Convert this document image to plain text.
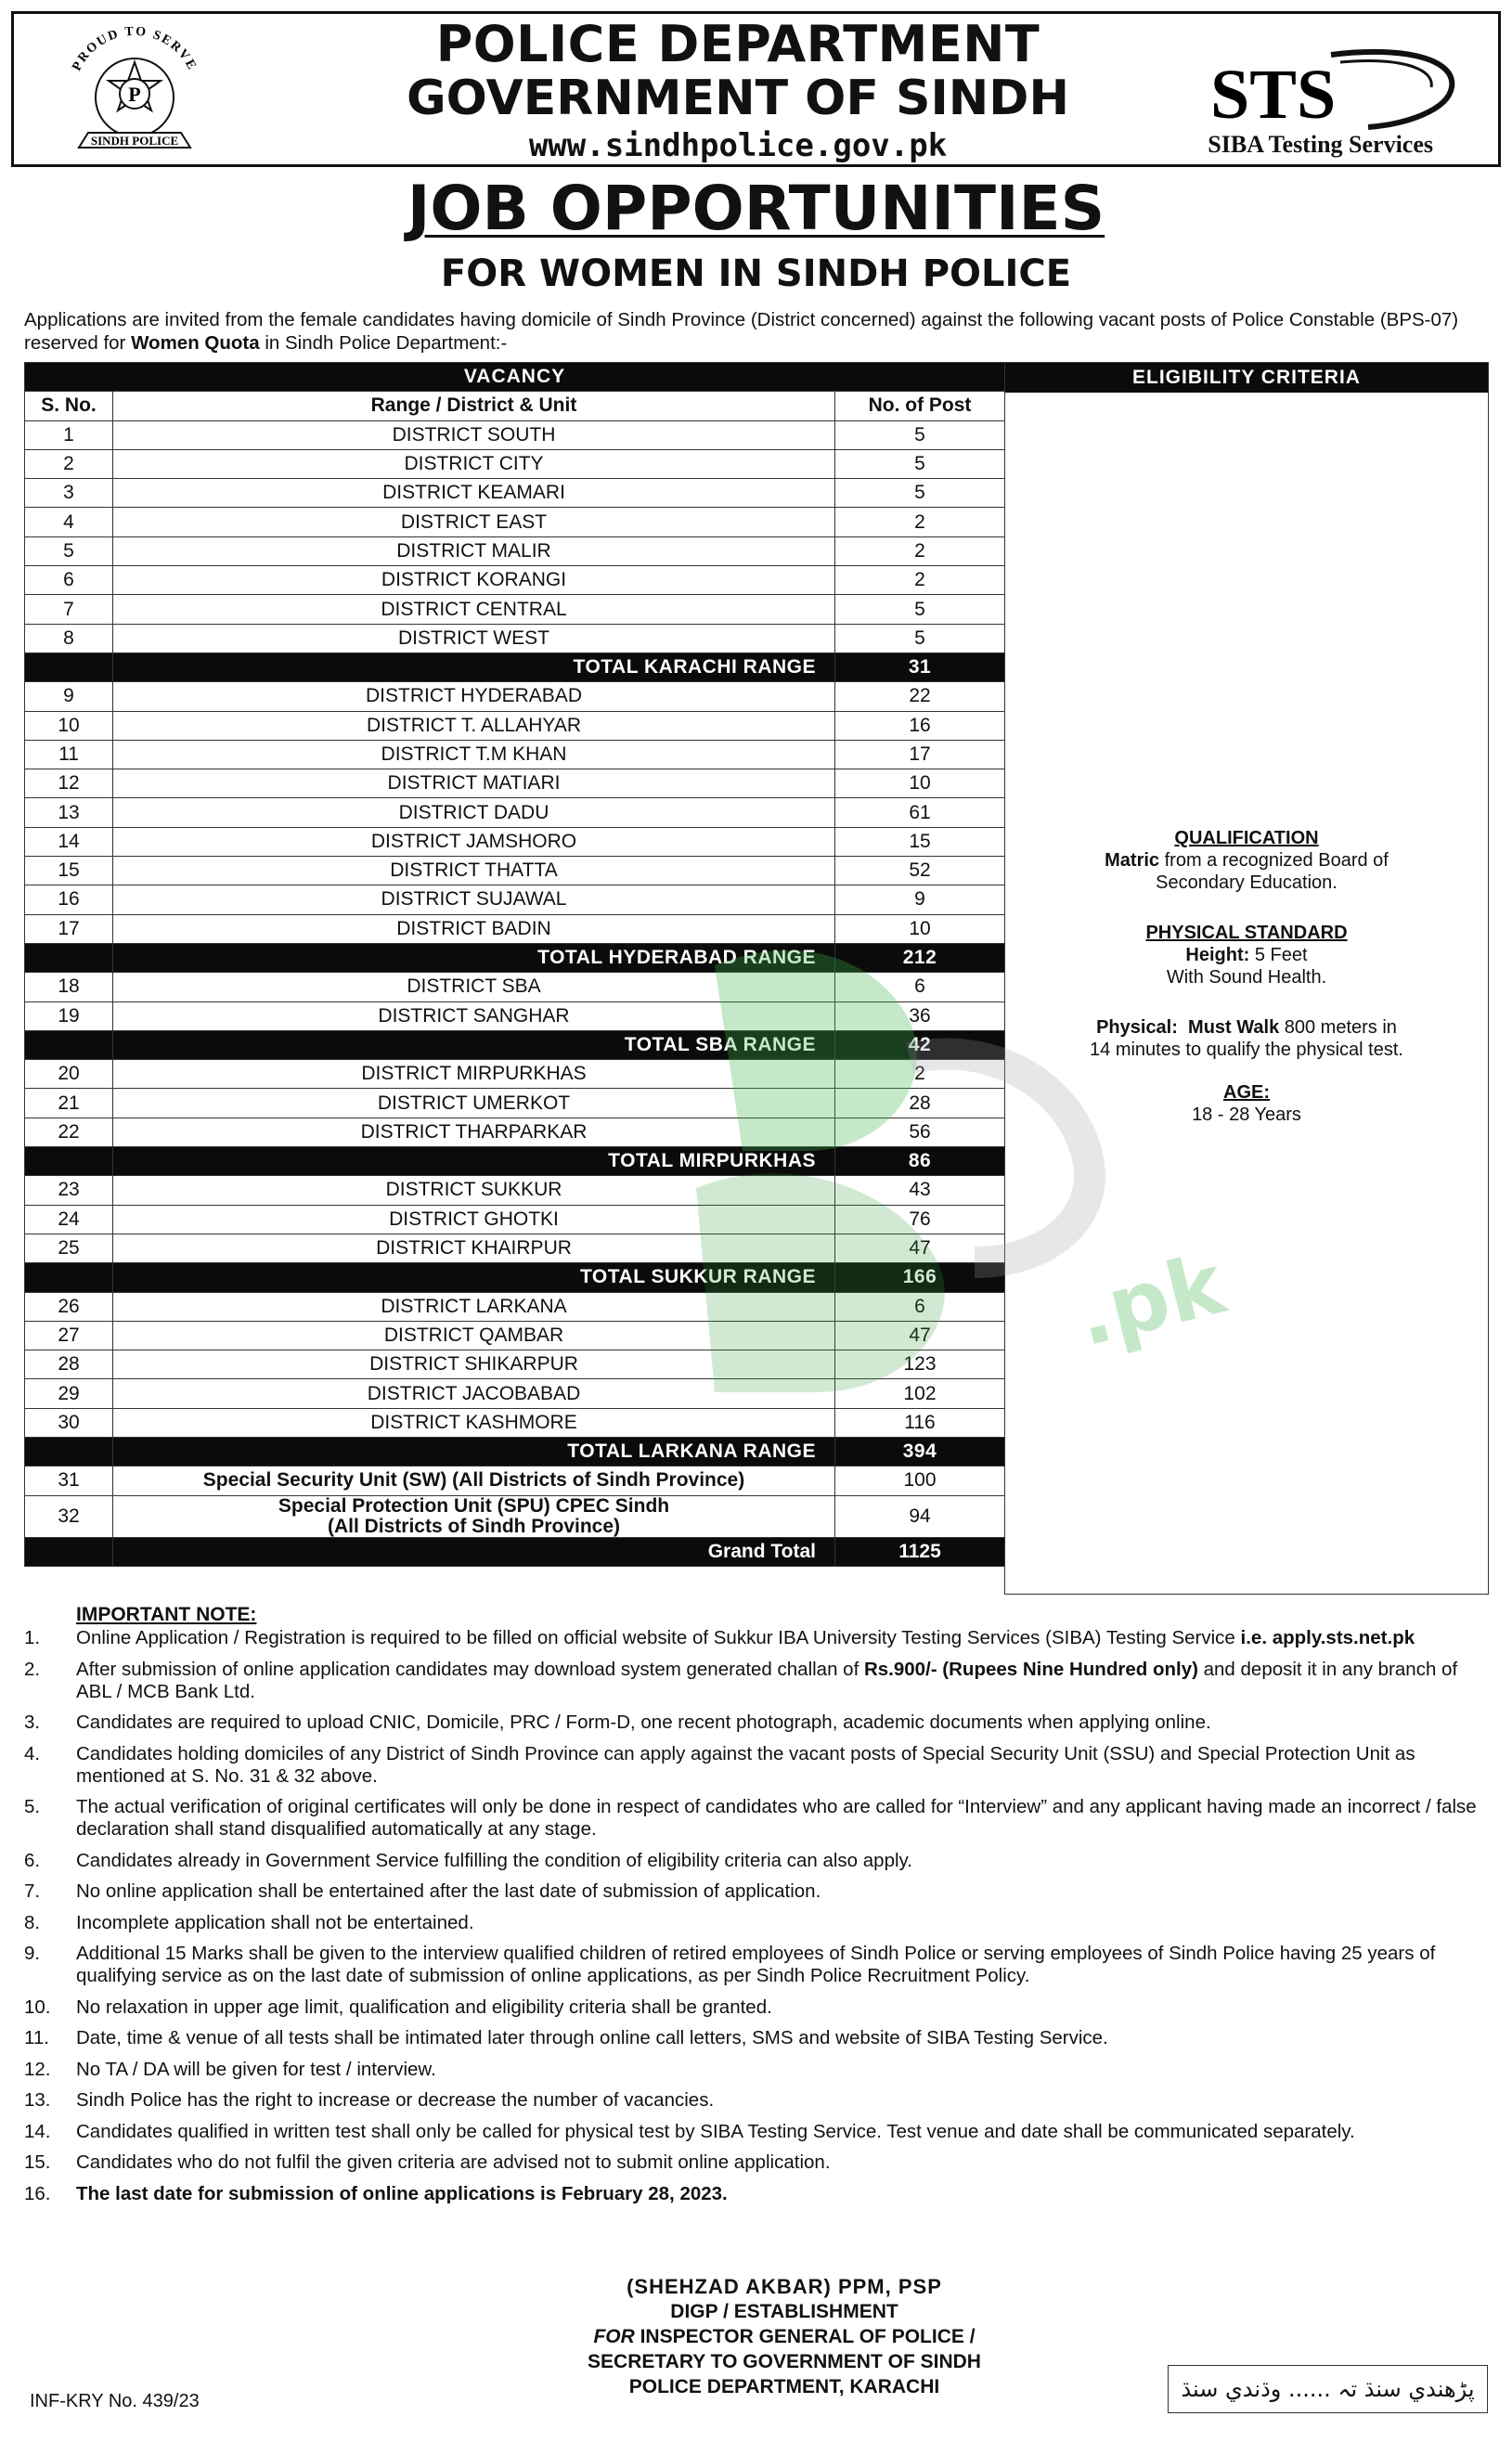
P
PROUD TO SERVE
SINDH POLICE
POLICE DEPARTMENT
GOVERNMENT OF SINDH
www.sindhpolice.gov.pk
STS
SIBA Testing Services
JOB OPPORTUNITIES
FOR WOMEN IN SINDH POLICE
Applications are invited from the female candidates having domicile of Sindh Province (District concerned) against the following vacant posts of Police Constable (BPS-07) reserved for Women Quota in Sindh Police Department:-
VACANCY		
S. No.	Range / District & Unit	No. of Post
1	DISTRICT SOUTH	5
2	DISTRICT CITY	5
3	DISTRICT KEAMARI	5
4	DISTRICT EAST	2
5	DISTRICT MALIR	2
6	DISTRICT KORANGI	2
7	DISTRICT CENTRAL	5
8	DISTRICT WEST	5
	TOTAL KARACHI RANGE	31
9	DISTRICT HYDERABAD	22
10	DISTRICT T. ALLAHYAR	16
11	DISTRICT T.M KHAN	17
12	DISTRICT MATIARI	10
13	DISTRICT DADU	61
14	DISTRICT JAMSHORO	15
15	DISTRICT THATTA	52
16	DISTRICT SUJAWAL	9
17	DISTRICT BADIN	10
	TOTAL HYDERABAD RANGE	212
18	DISTRICT SBA	6
19	DISTRICT SANGHAR	36
	TOTAL SBA RANGE	42
20	DISTRICT MIRPURKHAS	2
21	DISTRICT UMERKOT	28
22	DISTRICT THARPARKAR	56
	TOTAL MIRPURKHAS	86
23	DISTRICT SUKKUR	43
24	DISTRICT GHOTKI	76
25	DISTRICT KHAIRPUR	47
	TOTAL SUKKUR RANGE	166
26	DISTRICT LARKANA	6
27	DISTRICT QAMBAR	47
28	DISTRICT SHIKARPUR	123
29	DISTRICT JACOBABAD	102
30	DISTRICT KASHMORE	116
	TOTAL LARKANA RANGE	394
31	Special Security Unit (SW) (All Districts of Sindh Province)	100
32	Special Protection Unit (SPU) CPEC Sindh
(All Districts of Sindh Province)	94
	Grand Total	1125
ELIGIBILITY CRITERIA
QUALIFICATION
Matric from a recognized Board of
Secondary Education.
PHYSICAL STANDARD
Height: 5 Feet
With Sound Health.
Physical: Must Walk 800 meters in
14 minutes to qualify the physical test.
AGE:
18 - 28 Years
IMPORTANT NOTE:
1. Online Application / Registration is required to be filled on official website of Sukkur IBA University Testing Services (SIBA) Testing Service i.e. apply.sts.net.pk
2. After submission of online application candidates may download system generated challan of Rs.900/- (Rupees Nine Hundred only) and deposit it in any branch of ABL / MCB Bank Ltd.
3. Candidates are required to upload CNIC, Domicile, PRC / Form-D, one recent photograph, academic documents when applying online.
4. Candidates holding domiciles of any District of Sindh Province can apply against the vacant posts of Special Security Unit (SSU) and Special Protection Unit as mentioned at S. No. 31 & 32 above.
5. The actual verification of original certificates will only be done in respect of candidates who are called for “Interview” and any applicant having made an incorrect / false declaration shall stand disqualified automatically at any stage.
6. Candidates already in Government Service fulfilling the condition of eligibility criteria can also apply.
7. No online application shall be entertained after the last date of submission of application.
8. Incomplete application shall not be entertained.
9. Additional 15 Marks shall be given to the interview qualified children of retired employees of Sindh Police or serving employees of Sindh Police having 25 years of qualifying service as on the last date of submission of online applications, as per Sindh Police Recruitment Policy.
10. No relaxation in upper age limit, qualification and eligibility criteria shall be granted.
11. Date, time & venue of all tests shall be intimated later through online call letters, SMS and website of SIBA Testing Service.
12. No TA / DA will be given for test / interview.
13. Sindh Police has the right to increase or decrease the number of vacancies.
14. Candidates qualified in written test shall only be called for physical test by SIBA Testing Service. Test venue and date shall be communicated separately.
15. Candidates who do not fulfil the given criteria are advised not to submit online application.
16. The last date for submission of online applications is February 28, 2023.
(SHEHZAD AKBAR) PPM, PSP
DIGP / ESTABLISHMENT
FOR INSPECTOR GENERAL OF POLICE /
SECRETARY TO GOVERNMENT OF SINDH
POLICE DEPARTMENT, KARACHI
INF-KRY No. 439/23	پڑھندي سنڌ تہ ...... وڌندي سنڌ
.pk
